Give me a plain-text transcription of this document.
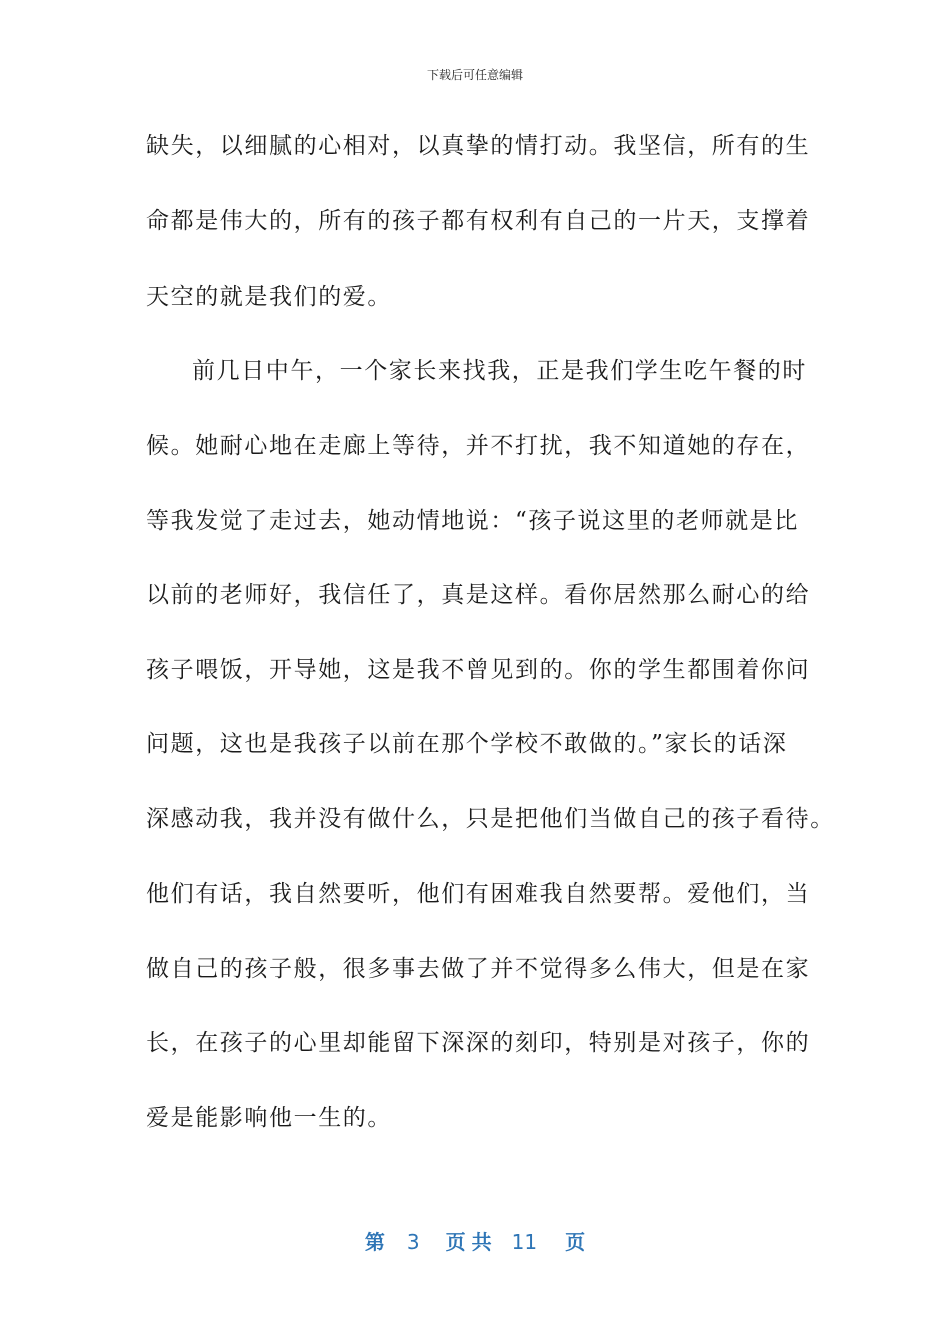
下载后可任意编辑
缺失，以细腻的心相对，以真挚的情打动。我坚信，所有的生
命都是伟大的，所有的孩子都有权利有自己的一片天，支撑着
天空的就是我们的爱。
前几日中午，一个家长来找我，正是我们学生吃午餐的时
候。她耐心地在走廊上等待，并不打扰，我不知道她的存在，
等我发觉了走过去，她动情地说：“孩子说这里的老师就是比
以前的老师好，我信任了，真是这样。看你居然那么耐心的给
孩子喂饭，开导她，这是我不曾见到的。你的学生都围着你问
问题，这也是我孩子以前在那个学校不敢做的。”家长的话深
深感动我，我并没有做什么，只是把他们当做自己的孩子看待。
他们有话，我自然要听，他们有困难我自然要帮。爱他们，当
做自己的孩子般，很多事去做了并不觉得多么伟大，但是在家
长，在孩子的心里却能留下深深的刻印，特别是对孩子，你的
爱是能影响他一生的。
第 3 页 共 11 页
